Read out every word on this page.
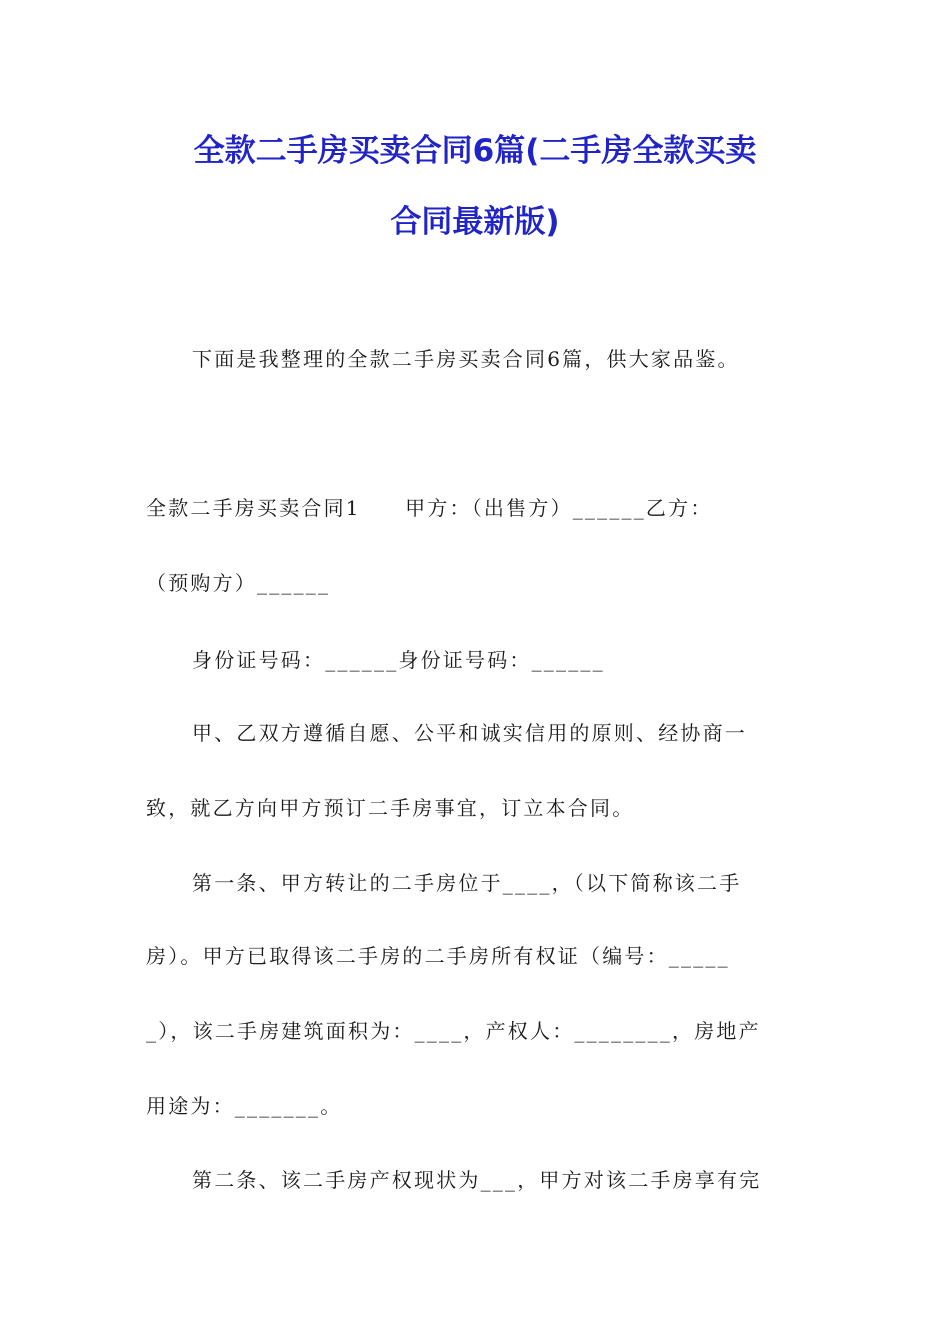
全款二手房买卖合同6篇(二手房全款买卖
合同最新版)
下面是我整理的全款二手房买卖合同6篇，供大家品鉴。
全款二手房买卖合同1　　甲方：（出售方）______乙方：
（预购方）______
身份证号码：______身份证号码：______
甲、乙双方遵循自愿、公平和诚实信用的原则、经协商一
致，就乙方向甲方预订二手房事宜，订立本合同。
第一条、甲方转让的二手房位于____，（以下简称该二手
房）。甲方已取得该二手房的二手房所有权证（编号：_____
_），该二手房建筑面积为：____，产权人：________，房地产
用途为：_______。
第二条、该二手房产权现状为___，甲方对该二手房享有完
